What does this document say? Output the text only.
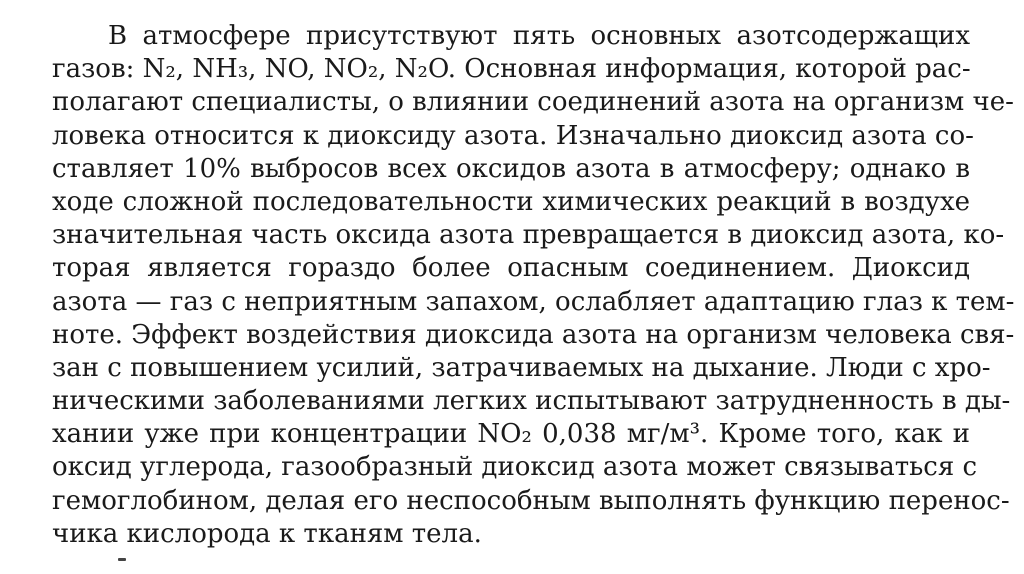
В атмосфере присутствуют пять основных азотсодержащих
газов: N₂, NH₃, NO, NO₂, N₂O. Основная информация, которой рас-
полагают специалисты, о влиянии соединений азота на организм че-
ловека относится к диоксиду азота. Изначально диоксид азота со-
ставляет 10% выбросов всех оксидов азота в атмосферу; однако в
ходе сложной последовательности химических реакций в воздухе
значительная часть оксида азота превращается в диоксид азота, ко-
торая является гораздо более опасным соединением. Диоксид
азота — газ с неприятным запахом, ослабляет адаптацию глаз к тем-
ноте. Эффект воздействия диоксида азота на организм человека свя-
зан с повышением усилий, затрачиваемых на дыхание. Люди с хро-
ническими заболеваниями легких испытывают затрудненность в ды-
хании уже при концентрации NO₂ 0,038 мг/м³. Кроме того, как и
оксид углерода, газообразный диоксид азота может связываться с
гемоглобином, делая его неспособным выполнять функцию перенос-
чика кислорода к тканям тела.
